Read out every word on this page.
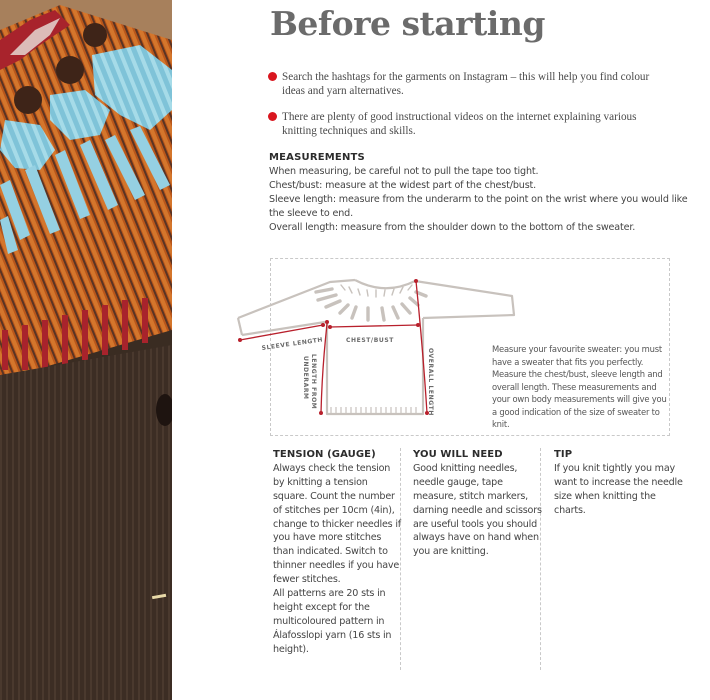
Before starting
Search the hashtags for the garments on Instagram – this will help you find colour ideas and yarn alternatives.
There are plenty of good instructional videos on the internet explaining various knitting techniques and skills.
MEASUREMENTS
When measuring, be careful not to pull the tape too tight.
Chest/bust: measure at the widest part of the chest/bust.
Sleeve length: measure from the underarm to the point on the wrist where you would like the sleeve to end.
Overall length: measure from the shoulder down to the bottom of the sweater.
SLEEVE LENGTH	CHEST/BUST
LENGTH FROM
UNDERARM	OVERALL LENGTH	Measure your favourite sweater: you must have a sweater that fits you perfectly. Measure the chest/bust, sleeve length and overall length. These measurements and your own body measurements will give you a good indication of the size of sweater to knit.
TENSION (GAUGE)
Always check the tension by knitting a tension square. Count the number of stitches per 10cm (4in), change to thicker needles if you have more stitches than indicated. Switch to thinner needles if you have fewer stitches.
All patterns are 20 sts in height except for the multicoloured pattern in Álafosslopi yarn (16 sts in height).
YOU WILL NEED
Good knitting needles, needle gauge, tape measure, stitch markers, darning needle and scissors are useful tools you should always have on hand when you are knitting.
TIP
If you knit tightly you may want to increase the needle size when knitting the charts.
